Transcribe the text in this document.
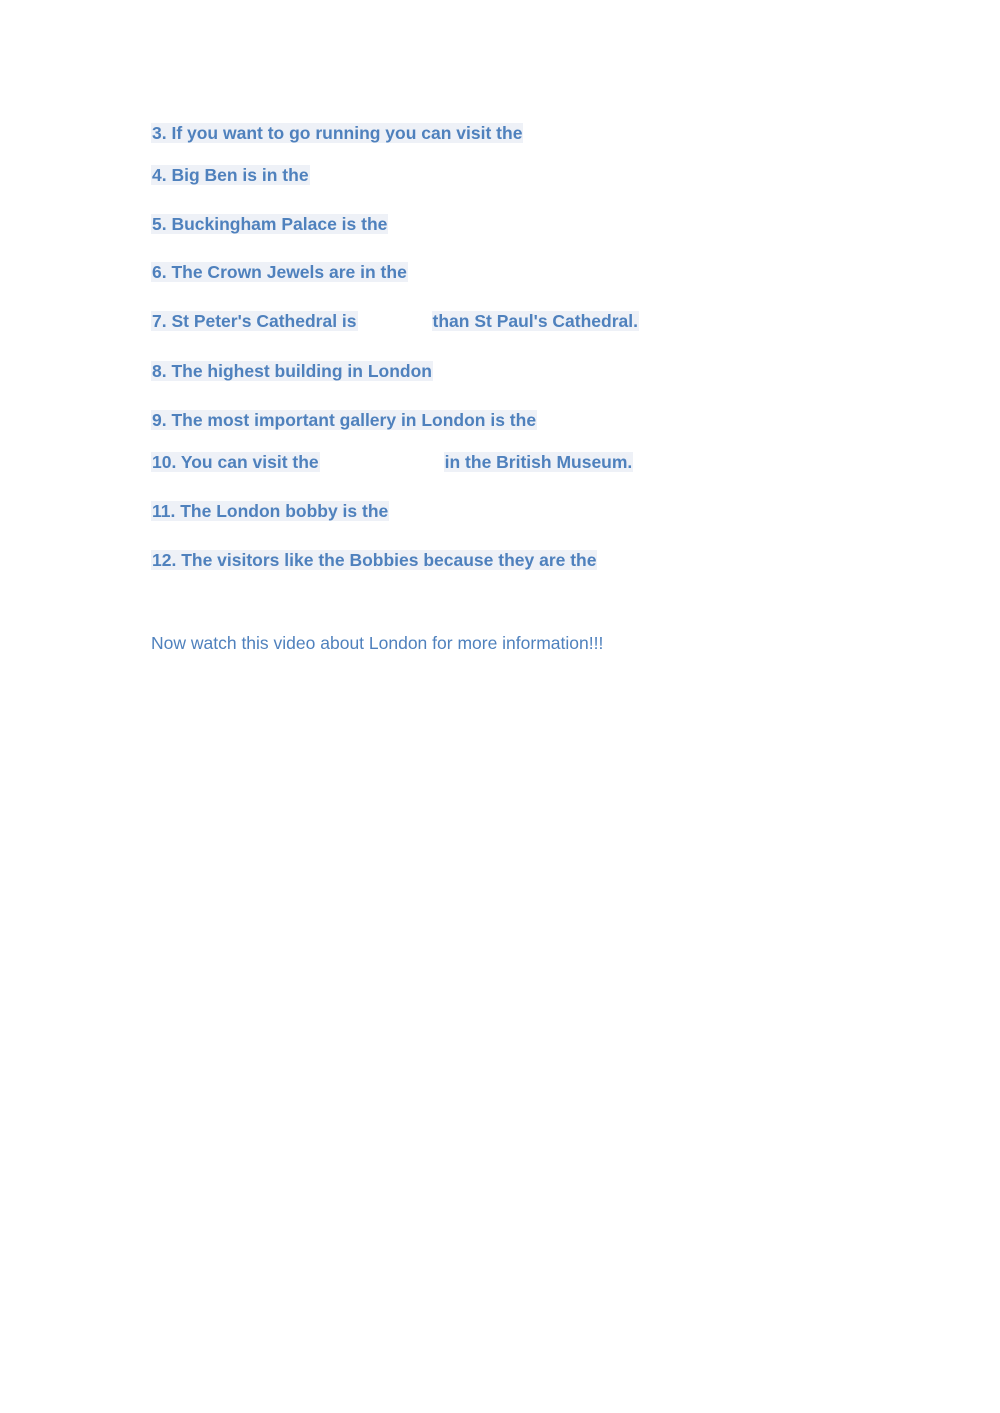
3. If you want to go running you can visit the
4. Big Ben is in the
5. Buckingham Palace is the
6. The Crown Jewels are in the
7. St Peter's Cathedral is	than St Paul's Cathedral.
8. The highest building in London
9. The most important gallery in London is the
10. You can visit the	in the British Museum.
11. The London bobby is the
12. The visitors like the Bobbies because they are the
Now watch this video about London for more information!!!
